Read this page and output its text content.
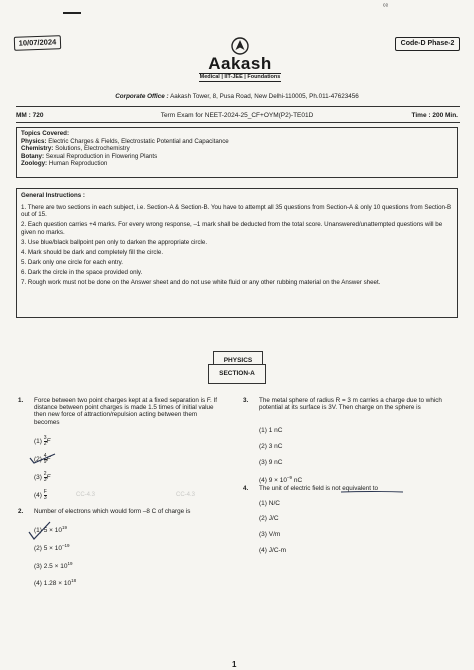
ᶜᵉ
10/07/2024	Code-D Phase-2
Aakash
Medical | IIT-JEE | Foundations
Corporate Office : Aakash Tower, 8, Pusa Road, New Delhi-110005, Ph.011-47623456
MM : 720	Term Exam for NEET-2024-25_CF+OYM(P2)-TE01D	Time : 200 Min.
Topics Covered:
Physics: Electric Charges & Fields, Electrostatic Potential and Capacitance
Chemistry: Solutions, Electrochemistry
Botany: Sexual Reproduction in Flowering Plants
Zoology: Human Reproduction
General Instructions :
1. There are two sections in each subject, i.e. Section-A & Section-B. You have to attempt all 35 questions from Section-A & only 10 questions from Section-B out of 15.
2. Each question carries +4 marks. For every wrong response, –1 mark shall be deducted from the total score. Unanswered/unattempted questions will be given no marks.
3. Use blue/black ballpoint pen only to darken the appropriate circle.
4. Mark should be dark and completely fill the circle.
5. Dark only one circle for each entry.
6. Dark the circle in the space provided only.
7. Rough work must not be done on the Answer sheet and do not use white fluid or any other rubbing material on the Answer sheet.
PHYSICS
SECTION-A
1. Force between two point charges kept at a fixed separation is F. If distance between point charges is made 1.5 times of initial value then new force of attraction/repulsion acting between them becomes
$(1) \frac{3}{2}$ F
$(2) \frac{4}{9}$ F
$(3) \frac{2}{3}$ F
$(4) \frac{F}{3}$	CC-4.3	CC-4.3
2. Number of electrons which would form –8 C of charge is
(1) $5 \times 10^{19}$
(2) $5 \times 10^{-19}$
(3) $2.5 \times 10^{19}$
(4) $1.28 \times 10^{18}$
3. The metal sphere of radius R = 3 m carries a charge due to which potential at its surface is 3V. Then charge on the sphere is
(1) 1 nC
(2) 3 nC
(3) 9 nC
(4) $9 \times 10^{-9}$ nC
4. The unit of electric field is not equivalent to
(1) N/C
(2) J/C
(3) V/m
(4) J/C-m
1
